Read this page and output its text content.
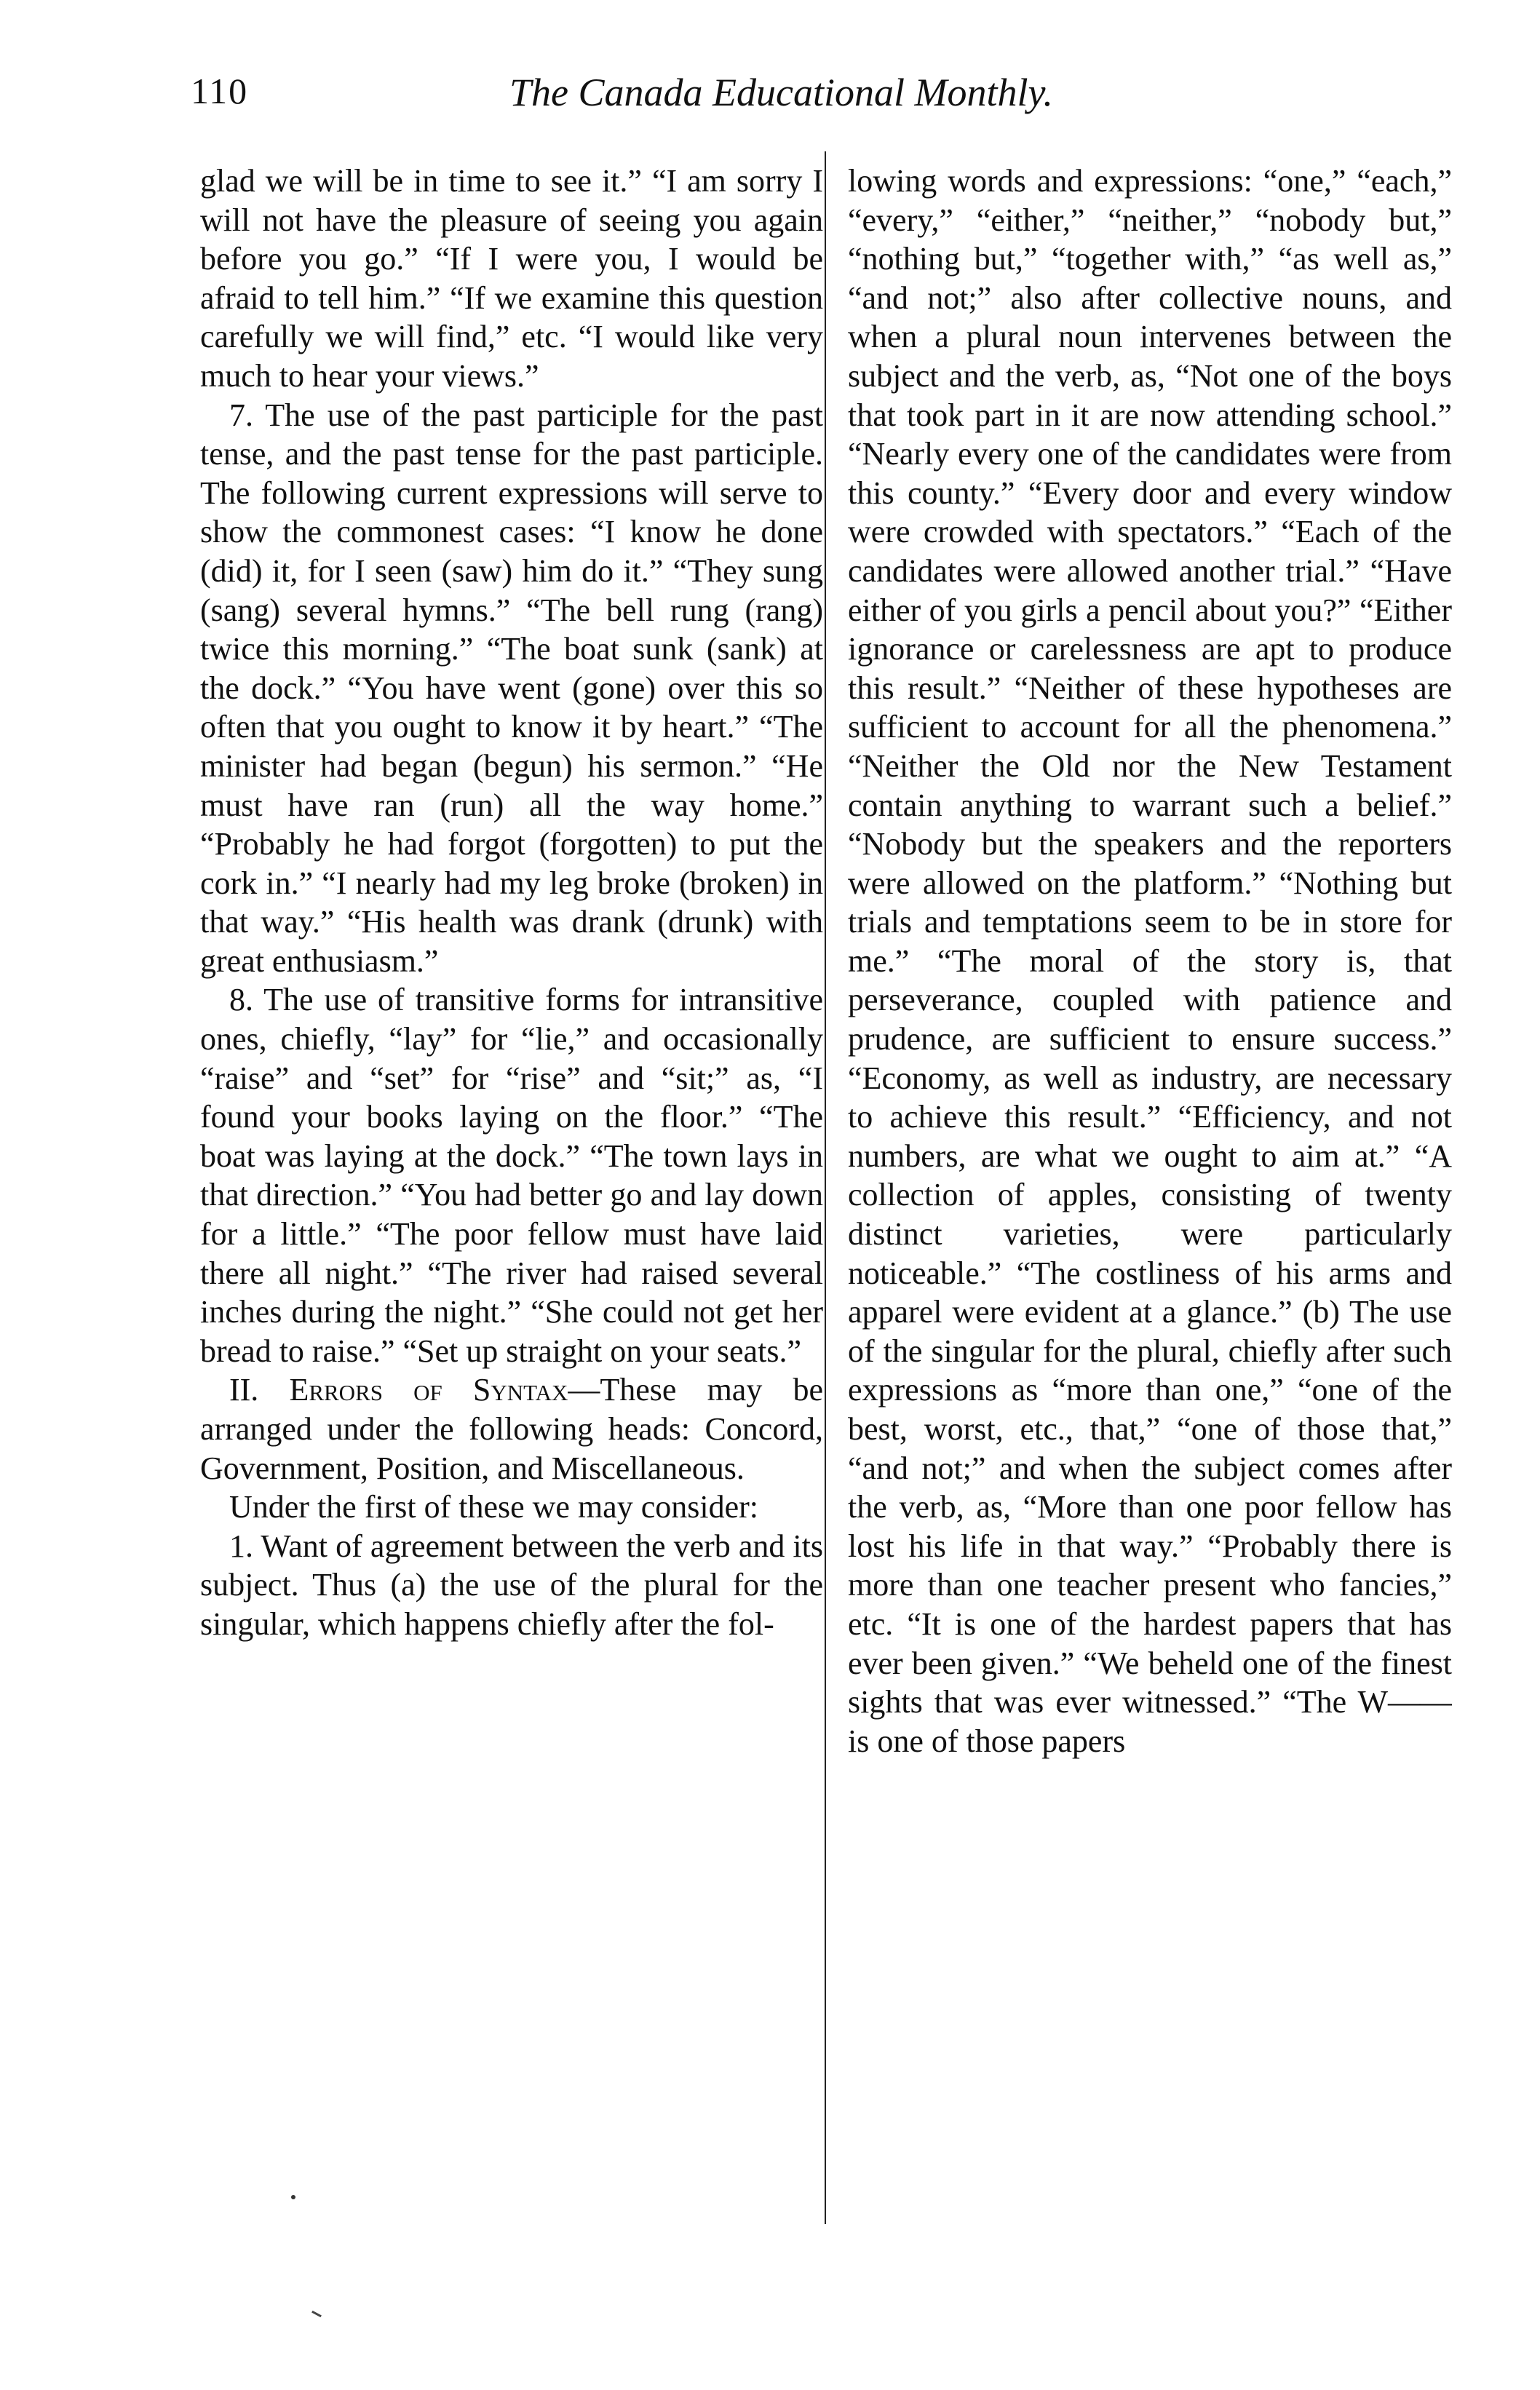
110	The Canada Educational Monthly.

glad we will be in time to see it.” “I am sorry I will not have the pleasure of seeing you again before you go.” “If I were you, I would be afraid to tell him.” “If we examine this question carefully we will find,” etc. “I would like very much to hear your views.”

7. The use of the past participle for the past tense, and the past tense for the past participle. The following current expressions will serve to show the commonest cases: “I know he done (did) it, for I seen (saw) him do it.” “They sung (sang) several hymns.” “The bell rung (rang) twice this morning.” “The boat sunk (sank) at the dock.” “You have went (gone) over this so often that you ought to know it by heart.” “The minister had began (begun) his sermon.” “He must have ran (run) all the way home.” “Probably he had forgot (forgotten) to put the cork in.” “I nearly had my leg broke (broken) in that way.” “His health was drank (drunk) with great enthusiasm.”

8. The use of transitive forms for intransitive ones, chiefly, “lay” for “lie,” and occasionally “raise” and “set” for “rise” and “sit;” as, “I found your books laying on the floor.” “The boat was laying at the dock.” “The town lays in that direction.” “You had better go and lay down for a little.” “The poor fellow must have laid there all night.” “The river had raised several inches during the night.” “She could not get her bread to raise.” “Set up straight on your seats.”

II. Errors of Syntax—These may be arranged under the following heads: Concord, Government, Position, and Miscellaneous.

Under the first of these we may consider:

1. Want of agreement between the verb and its subject. Thus (a) the use of the plural for the singular, which happens chiefly after the fol-

lowing words and expressions: “one,” “each,” “every,” “either,” “neither,” “nobody but,” “nothing but,” “together with,” “as well as,” “and not;” also after collective nouns, and when a plural noun intervenes between the subject and the verb, as, “Not one of the boys that took part in it are now attending school.” “Nearly every one of the candidates were from this county.” “Every door and every window were crowded with spectators.” “Each of the candidates were allowed another trial.” “Have either of you girls a pencil about you?” “Either ignorance or carelessness are apt to produce this result.” “Neither of these hypotheses are sufficient to account for all the phenomena.” “Neither the Old nor the New Testament contain anything to warrant such a belief.” “Nobody but the speakers and the reporters were allowed on the platform.” “Nothing but trials and temptations seem to be in store for me.” “The moral of the story is, that perseverance, coupled with patience and prudence, are sufficient to ensure success.” “Economy, as well as industry, are necessary to achieve this result.” “Efficiency, and not numbers, are what we ought to aim at.” “A collection of apples, consisting of twenty distinct varieties, were particularly noticeable.” “The costliness of his arms and apparel were evident at a glance.” (b) The use of the singular for the plural, chiefly after such expressions as “more than one,” “one of the best, worst, etc., that,” “one of those that,” “and not;” and when the subject comes after the verb, as, “More than one poor fellow has lost his life in that way.” “Probably there is more than one teacher present who fancies,” etc. “It is one of the hardest papers that has ever been given.” “We beheld one of the finest sights that was ever witnessed.” “The W—— is one of those papers
